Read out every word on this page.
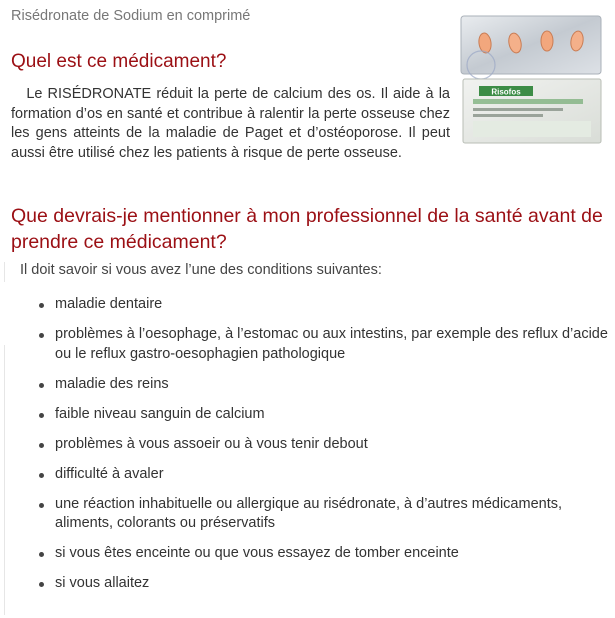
Risédronate de Sodium en comprimé
Risofos
Quel est ce médicament?

Le RISÉDRONATE réduit la perte de calcium des os. Il aide à la formation d’os en santé et contribue à ralentir la perte osseuse chez les gens atteints de la maladie de Paget et d’ostéoporose. Il peut aussi être utilisé chez les patients à risque de perte osseuse.

Que devrais-je mentionner à mon professionnel de la santé avant de prendre ce médicament?
Il doit savoir si vous avez l’une des conditions suivantes:
maladie dentaire
problèmes à l’oesophage, à l’estomac ou aux intestins, par exemple des reflux d’acide ou le reflux gastro-oesophagien pathologique
maladie des reins
faible niveau sanguin de calcium
problèmes à vous assoeir ou à vous tenir debout
difficulté à avaler
une réaction inhabituelle ou allergique au risédronate, à d’autres médicaments, aliments, colorants ou préservatifs
si vous êtes enceinte ou que vous essayez de tomber enceinte
si vous allaitez
